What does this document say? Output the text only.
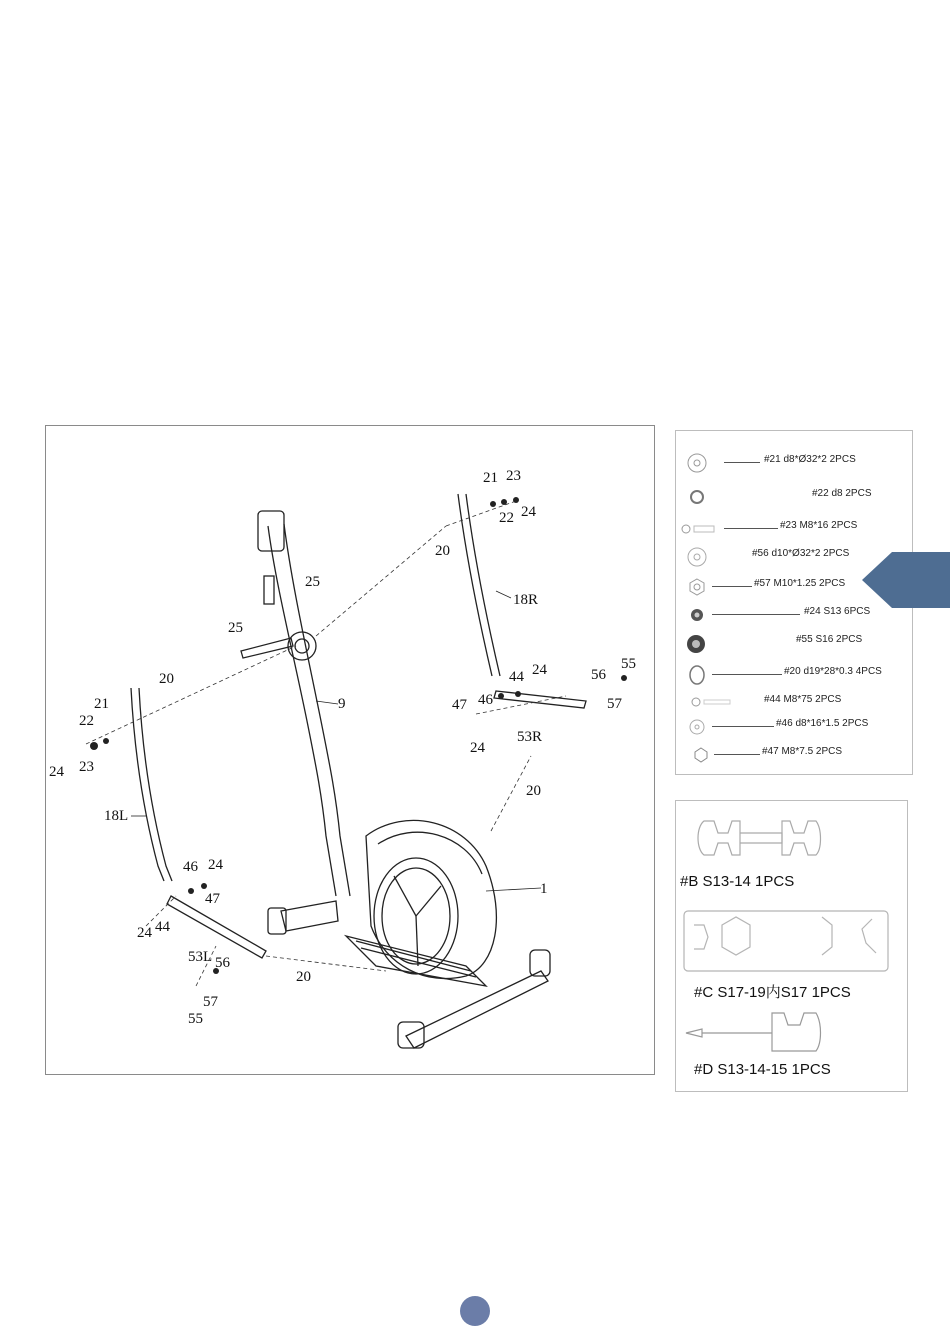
21 23
22 24
20
18R
25
25
20
21
22
24 23
9
56
55
44 24
57
47 46
53R
24
20
18L
1
46 24
47
24 44
53L 56
20
57
55
#21 d8*Ø32*2 2PCS
#22 d8 2PCS
#23 M8*16 2PCS
#56 d10*Ø32*2 2PCS
#57 M10*1.25 2PCS
#24 S13 6PCS
#55 S16 2PCS
#20 d19*28*0.3 4PCS
#44 M8*75 2PCS
#46 d8*16*1.5 2PCS
#47 M8*7.5 2PCS
#B S13-14 1PCS
#C S17-19内S17 1PCS
#D S13-14-15 1PCS
